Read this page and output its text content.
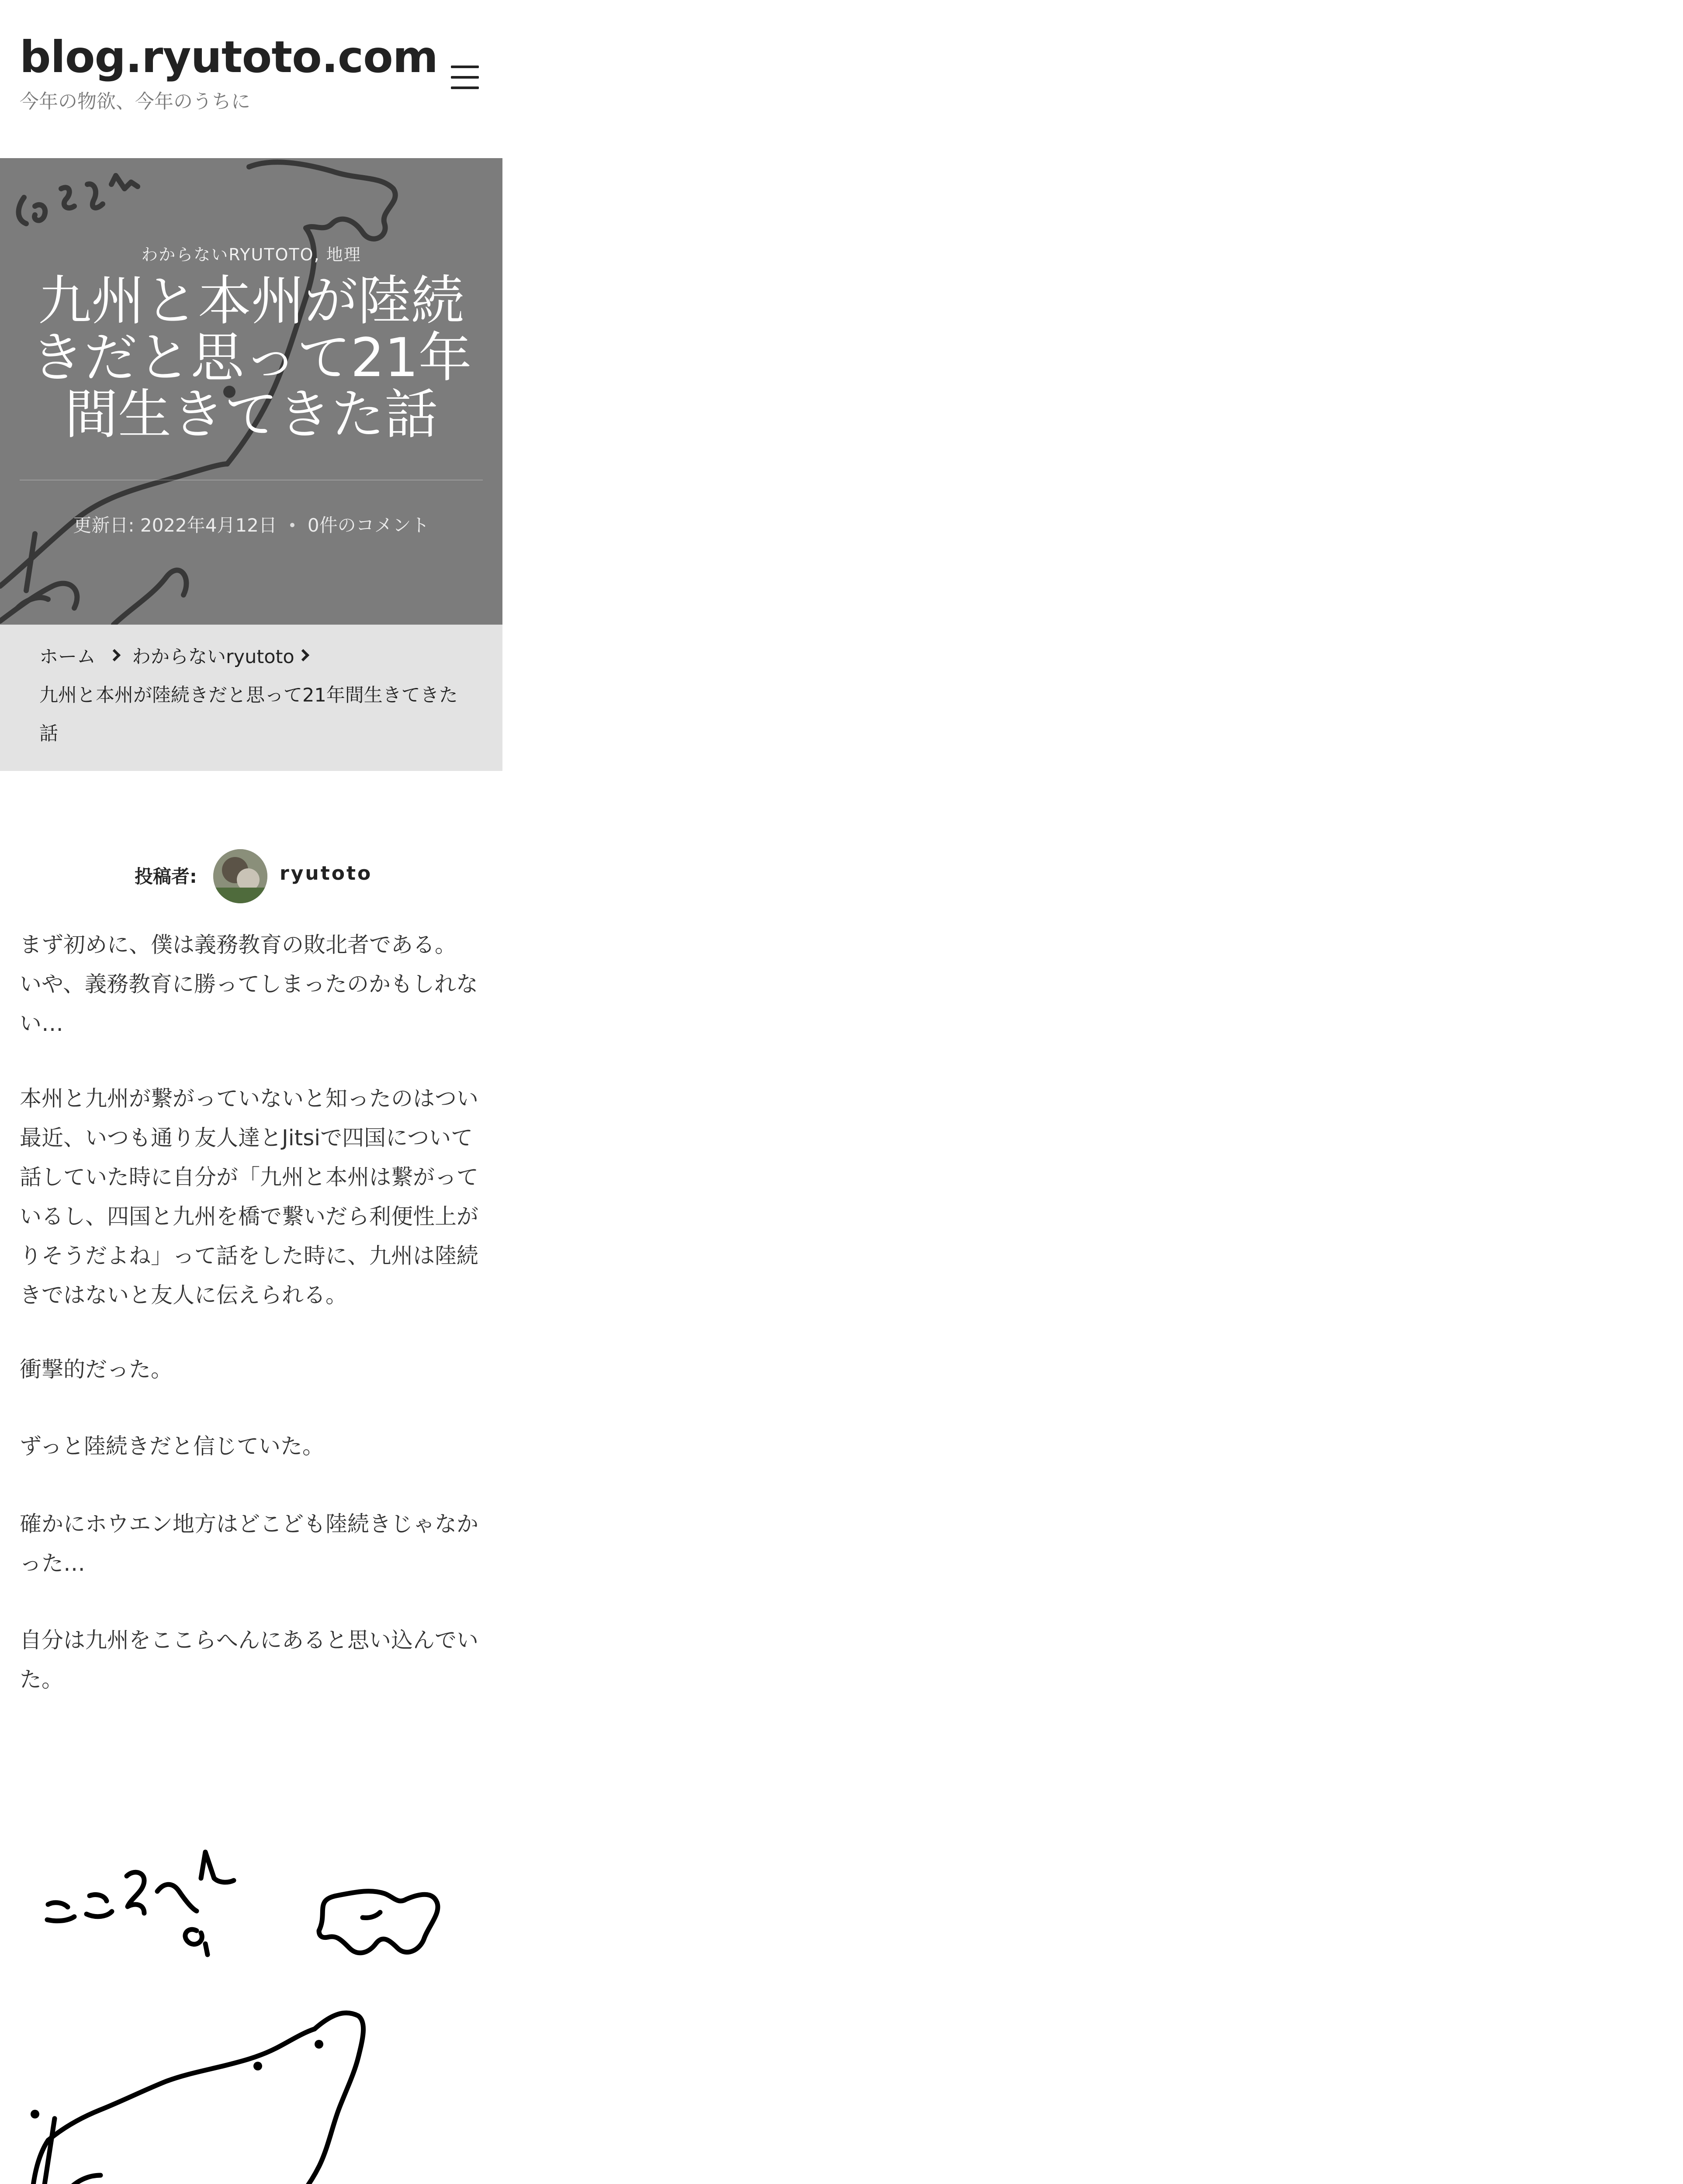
blog.ryutoto.com
今年の物欲、今年のうちに
わからないRYUTOTO, 地理
九州と本州が陸続きだと思って21年間生きてきた話
更新日: 2022年4月12日 0件のコメント
ホーム わからないryutoto
九州と本州が陸続きだと思って21年間生きてきた
話
投稿者:	ryutoto

まず初めに、僕は義務教育の敗北者である。

いや、義務教育に勝ってしまったのかもしれな

い…

本州と九州が繋がっていないと知ったのはつい

最近、いつも通り友人達とJitsiで四国について

話していた時に自分が「九州と本州は繋がって

いるし、四国と九州を橋で繋いだら利便性上が

りそうだよね」って話をした時に、九州は陸続

きではないと友人に伝えられる。

衝撃的だった。

ずっと陸続きだと信じていた。

確かにホウエン地方はどこども陸続きじゃなか

った…

自分は九州をここらへんにあると思い込んでい

た。
